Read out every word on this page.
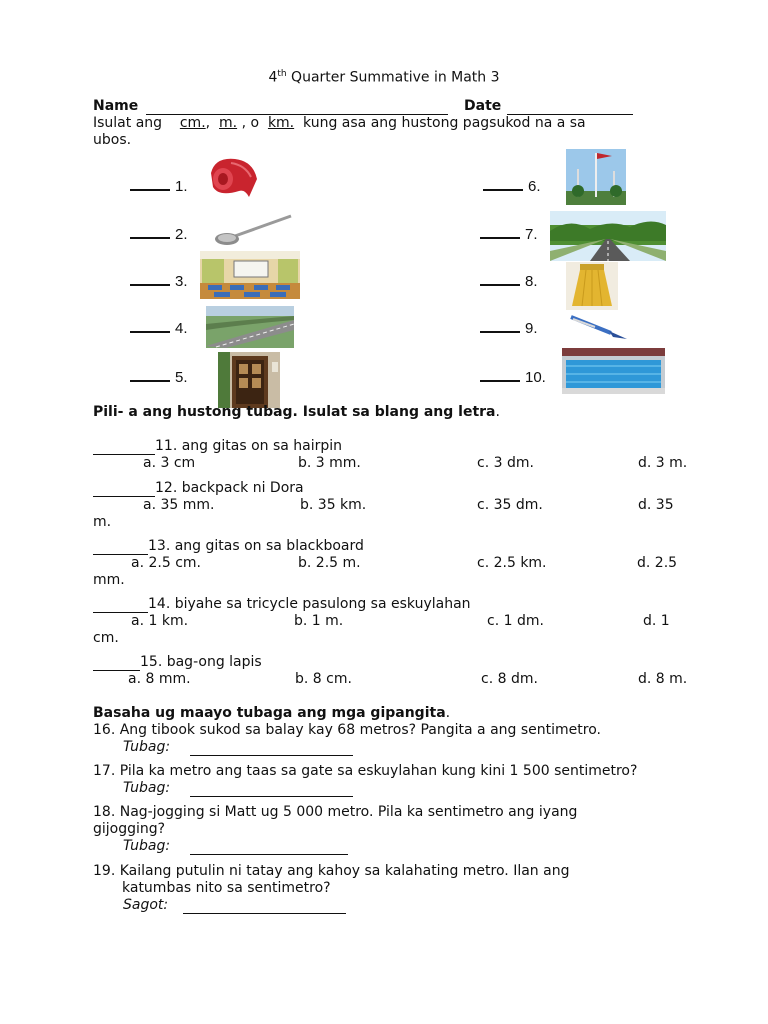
4th Quarter Summative in Math 3
Name	Date
Isulat ang cm., m. , o km. kung asa ang hustong pagsukod na a sa
ubos.
1.
2.
3.
4.
5.
6.
7.
8.
9.
10.
Pili- a ang hustong tubag. Isulat sa blang ang letra.
11. ang gitas on sa hairpin
a. 3 cm	b. 3 mm.	c. 3 dm.	d. 3 m.
12. backpack ni Dora
a. 35 mm.	b. 35 km.	c. 35 dm.	d. 35
m.
13. ang gitas on sa blackboard
a. 2.5 cm.	b. 2.5 m.	c. 2.5 km.	d. 2.5
mm.
14. biyahe sa tricycle pasulong sa eskuylahan
a. 1 km.	b. 1 m.	c. 1 dm.	d. 1
cm.
15. bag-ong lapis
a. 8 mm.	b. 8 cm.	c. 8 dm.	d. 8 m.
Basaha ug maayo tubaga ang mga gipangita.
16. Ang tibook sukod sa balay kay 68 metros? Pangita a ang sentimetro.
Tubag:
17. Pila ka metro ang taas sa gate sa eskuylahan kung kini 1 500 sentimetro?
Tubag:
18. Nag-jogging si Matt ug 5 000 metro. Pila ka sentimetro ang iyang
gijogging?
Tubag:
19. Kailang putulin ni tatay ang kahoy sa kalahating metro. Ilan ang
katumbas nito sa sentimetro?
Sagot:
